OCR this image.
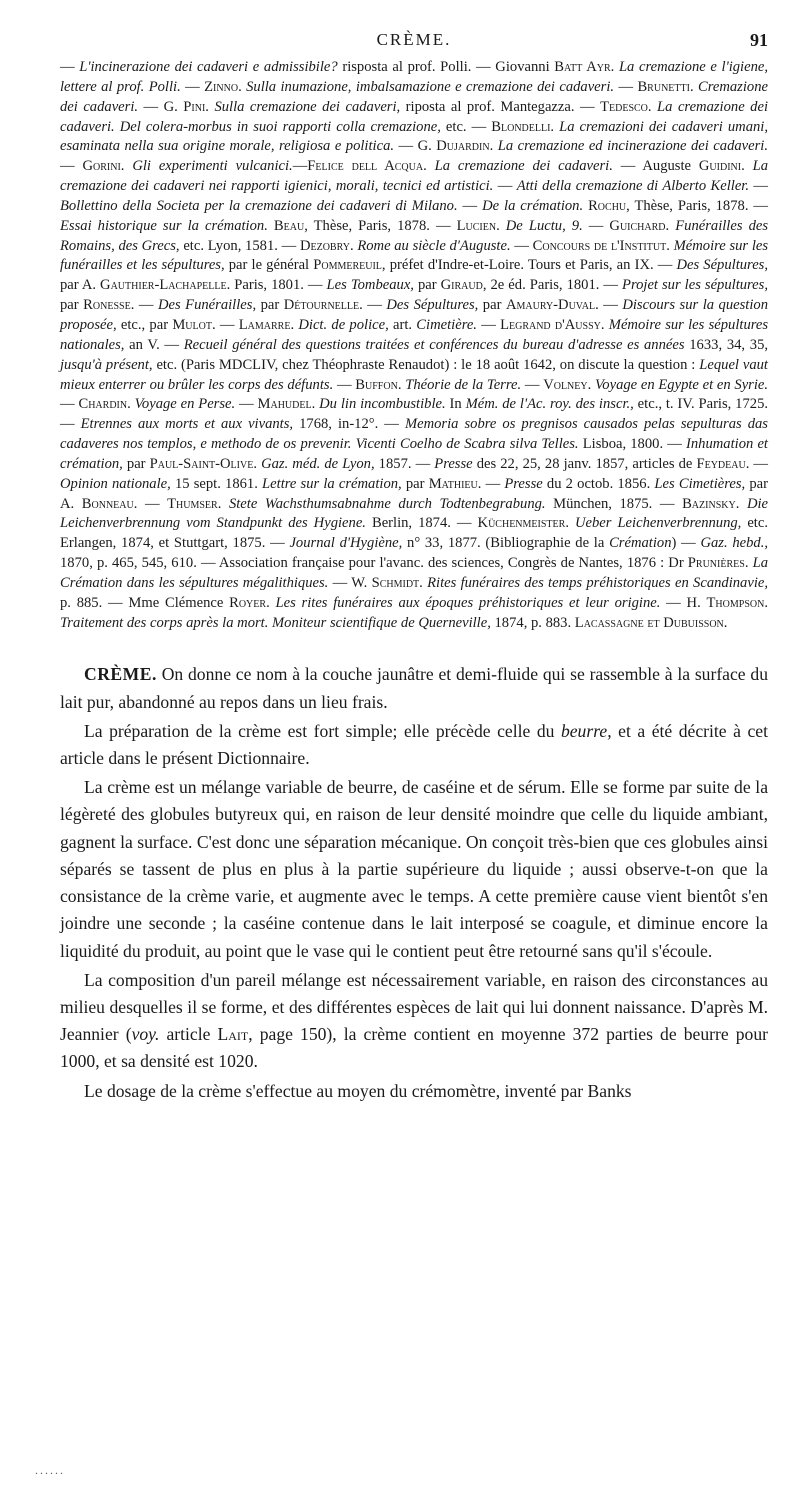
CRÈME.	91

— L'incinerazione dei cadaveri e admissibile? risposta al prof. Polli. — Giovanni Batt Ayr. La cremazione e l'igiene, lettere al prof. Polli. — Zinno. Sulla inumazione, imbalsamazione e cremazione dei cadaveri. — Brunetti. Cremazione dei cadaveri. — G. Pini. Sulla cremazione dei cadaveri, riposta al prof. Mantegazza. — Tedesco. La cremazione dei cadaveri. Del colera-morbus in suoi rapporti colla cremazione, etc. — Blondelli. La cremazioni dei cadaveri umani, esaminata nella sua origine morale, religiosa e politica. — G. Dujardin. La cremazione ed incinerazione dei cadaveri.— Gorini. Gli experimenti vulcanici.—Felice dell Acqua. La cremazione dei cadaveri. — Auguste Guidini. La cremazione dei cadaveri nei rapporti igienici, morali, tecnici ed artistici. — Atti della cremazione di Alberto Keller. — Bollettino della Societa per la cremazione dei cadaveri di Milano. — De la crémation. Rochu, Thèse, Paris, 1878. — Essai historique sur la crémation. Beau, Thèse, Paris, 1878. — Lucien. De Luctu, 9. — Guichard. Funérailles des Romains, des Grecs, etc. Lyon, 1581. — Dezobry. Rome au siècle d'Auguste. — Concours de l'Institut. Mémoire sur les funérailles et les sépultures, par le général Pommereuil, préfet d'Indre-et-Loire. Tours et Paris, an IX. — Des Sépultures, par A. Gauthier-Lachapelle. Paris, 1801. — Les Tombeaux, par Giraud, 2e éd. Paris, 1801. — Projet sur les sépultures, par Ronesse. — Des Funérailles, par Détournelle. — Des Sépultures, par Amaury-Duval. — Discours sur la question proposée, etc., par Mulot. — Lamarre. Dict. de police, art. Cimetière. — Legrand d'Aussy. Mémoire sur les sépultures nationales, an V. — Recueil général des questions traitées et conférences du bureau d'adresse es années 1633, 34, 35, jusqu'à présent, etc. (Paris MDCLIV, chez Théophraste Renaudot) : le 18 août 1642, on discute la question : Lequel vaut mieux enterrer ou brûler les corps des défunts. — Buffon. Théorie de la Terre. — Volney. Voyage en Egypte et en Syrie. — Chardin. Voyage en Perse. — Mahudel. Du lin incombustible. In Mém. de l'Ac. roy. des inscr., etc., t. IV. Paris, 1725. — Etrennes aux morts et aux vivants, 1768, in-12°. — Memoria sobre os pregnisos causados pelas sepulturas das cadaveres nos templos, e methodo de os prevenir. Vicenti Coelho de Scabra silva Telles. Lisboa, 1800. — Inhumation et crémation, par Paul-Saint-Olive. Gaz. méd. de Lyon, 1857. — Presse des 22, 25, 28 janv. 1857, articles de Feydeau. — Opinion nationale, 15 sept. 1861. Lettre sur la crémation, par Mathieu. — Presse du 2 octob. 1856. Les Cimetières, par A. Bonneau. — Thumser. Stete Wachsthumsabnahme durch Todtenbegrabung. München, 1875. — Bazinsky. Die Leichenverbrennung vom Standpunkt des Hygiene. Berlin, 1874. — Küchenmeister. Ueber Leichenverbrennung, etc. Erlangen, 1874, et Stuttgart, 1875. — Journal d'Hygiène, n° 33, 1877. (Bibliographie de la Crémation) — Gaz. hebd., 1870, p. 465, 545, 610. — Association française pour l'avanc. des sciences, Congrès de Nantes, 1876 : Dr Prunières. La Crémation dans les sépultures mégalithiques. — W. Schmidt. Rites funéraires des temps préhistoriques en Scandinavie, p. 885. — Mme Clémence Royer. Les rites funéraires aux époques préhistoriques et leur origine. — H. Thompson. Traitement des corps après la mort. Moniteur scientifique de Querneville, 1874, p. 883. Lacassagne et Dubuisson.

CRÈME. On donne ce nom à la couche jaunâtre et demi-fluide qui se rassemble à la surface du lait pur, abandonné au repos dans un lieu frais.

La préparation de la crème est fort simple; elle précède celle du beurre, et a été décrite à cet article dans le présent Dictionnaire.

La crème est un mélange variable de beurre, de caséine et de sérum. Elle se forme par suite de la légèreté des globules butyreux qui, en raison de leur densité moindre que celle du liquide ambiant, gagnent la surface. C'est donc une séparation mécanique. On conçoit très-bien que ces globules ainsi séparés se tassent de plus en plus à la partie supérieure du liquide ; aussi observe-t-on que la consistance de la crème varie, et augmente avec le temps. A cette première cause vient bientôt s'en joindre une seconde ; la caséine contenue dans le lait interposé se coagule, et diminue encore la liquidité du produit, au point que le vase qui le contient peut être retourné sans qu'il s'écoule.

La composition d'un pareil mélange est nécessairement variable, en raison des circonstances au milieu desquelles il se forme, et des différentes espèces de lait qui lui donnent naissance. D'après M. Jeannier (voy. article Lait, page 150), la crème contient en moyenne 372 parties de beurre pour 1000, et sa densité est 1020.

Le dosage de la crème s'effectue au moyen du crémomètre, inventé par Banks

......
